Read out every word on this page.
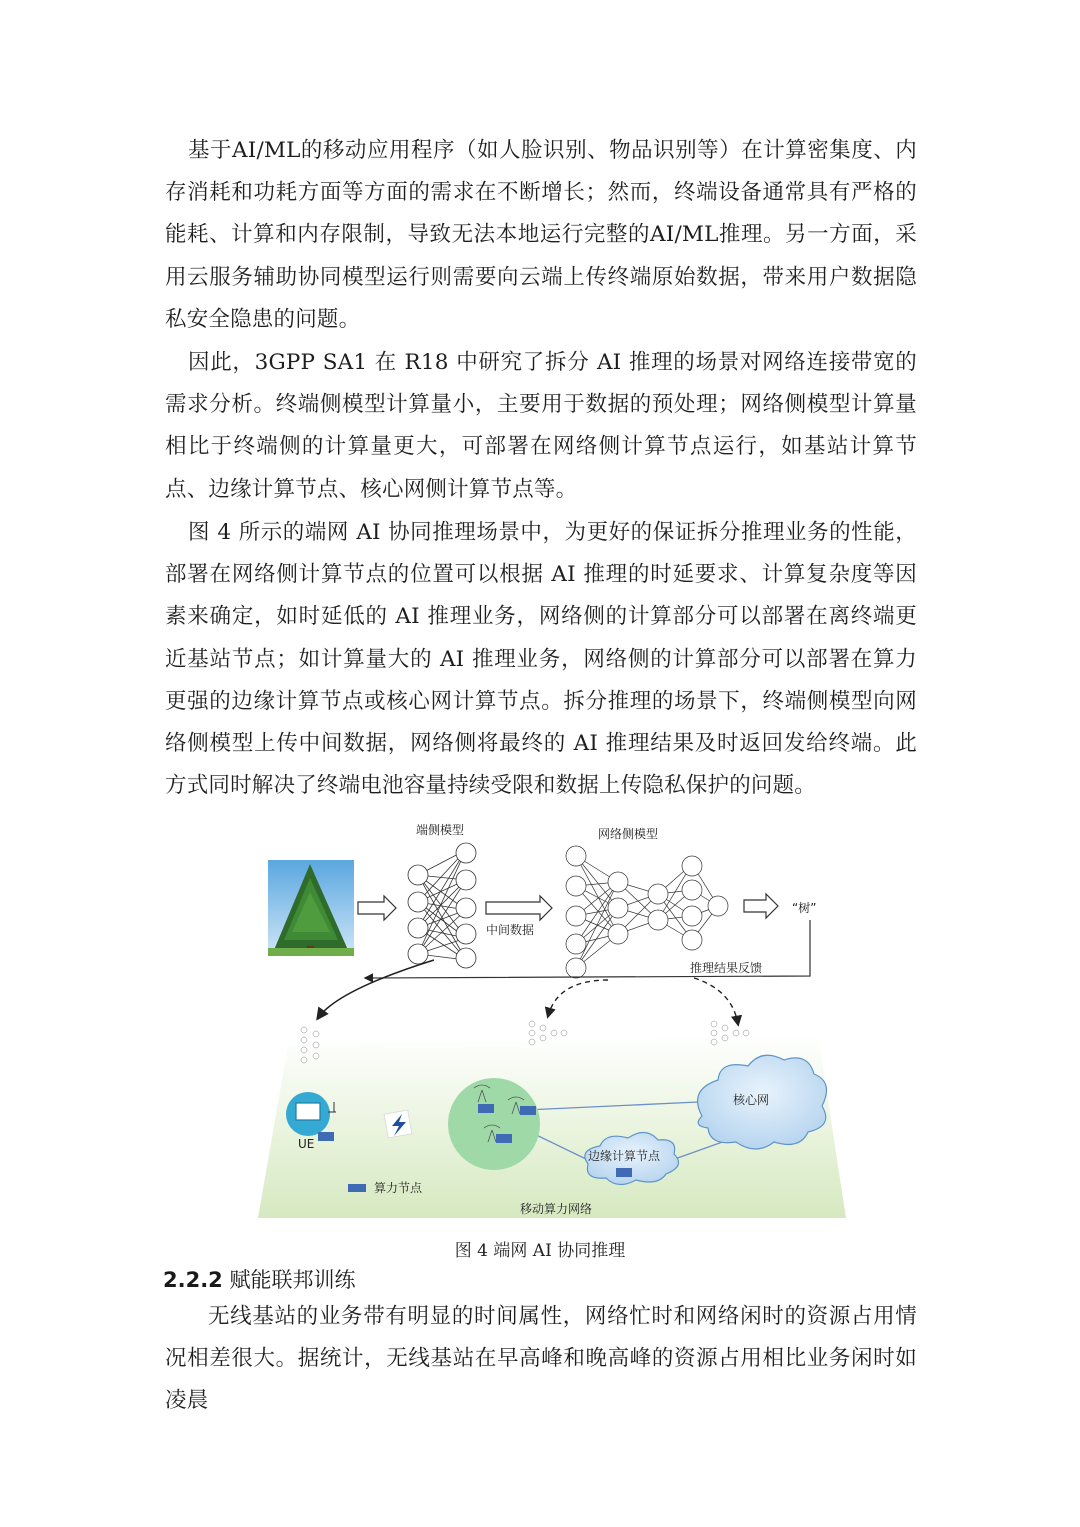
基于AI/ML的移动应用程序（如人脸识别、物品识别等）在计算密集度、内存消耗和功耗方面等方面的需求在不断增长；然而，终端设备通常具有严格的能耗、计算和内存限制，导致无法本地运行完整的AI/ML推理。另一方面，采用云服务辅助协同模型运行则需要向云端上传终端原始数据，带来用户数据隐私安全隐患的问题。

因此，3GPP SA1 在 R18 中研究了拆分 AI 推理的场景对网络连接带宽的需求分析。终端侧模型计算量小，主要用于数据的预处理；网络侧模型计算量相比于终端侧的计算量更大，可部署在网络侧计算节点运行，如基站计算节点、边缘计算节点、核心网侧计算节点等。

图 4 所示的端网 AI 协同推理场景中，为更好的保证拆分推理业务的性能，部署在网络侧计算节点的位置可以根据 AI 推理的时延要求、计算复杂度等因素来确定，如时延低的 AI 推理业务，网络侧的计算部分可以部署在离终端更近基站节点；如计算量大的 AI 推理业务，网络侧的计算部分可以部署在算力更强的边缘计算节点或核心网计算节点。拆分推理的场景下，终端侧模型向网络侧模型上传中间数据，网络侧将最终的 AI 推理结果及时返回发给终端。此方式同时解决了终端电池容量持续受限和数据上传隐私保护的问题。

端侧模型
中间数据
网络侧模型
“树”
推理结果反馈
UE
核心网
边缘计算节点
算力节点
移动算力网络
图 4 端网 AI 协同推理
2.2.2 赋能联邦训练

无线基站的业务带有明显的时间属性，网络忙时和网络闲时的资源占用情况相差很大。据统计，无线基站在早高峰和晚高峰的资源占用相比业务闲时如凌晨
